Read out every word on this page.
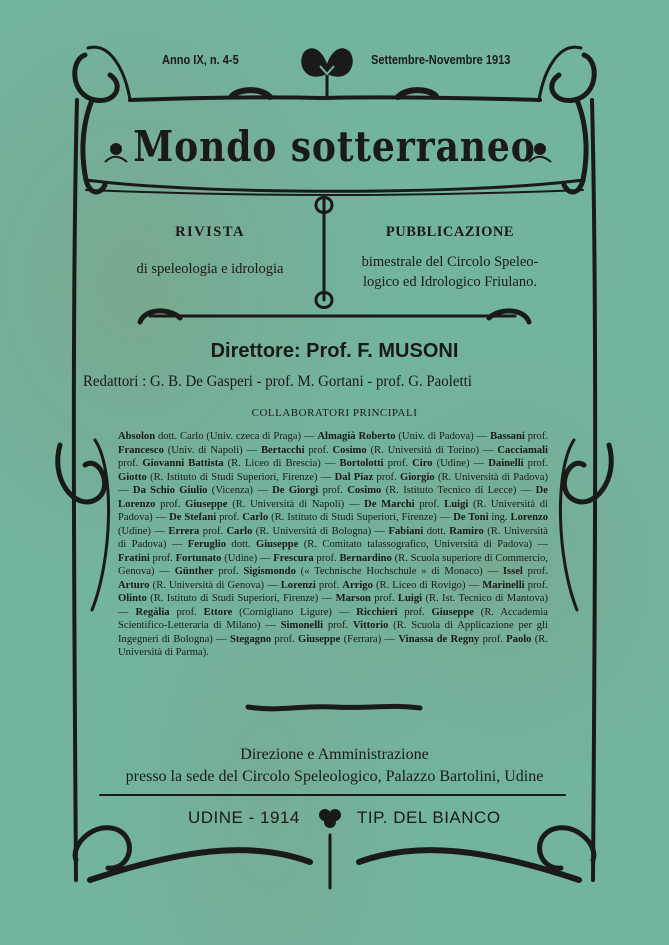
Anno IX, n. 4-5	Settembre-Novembre 1913
Mondo sotterraneo
RIVISTA
di speleologia e idrologia
PUBBLICAZIONE
bimestrale del Circolo Speleo-
logico ed Idrologico Friulano.
Direttore: Prof. F. MUSONI
Redattori : G. B. De Gasperi - prof. M. Gortani - prof. G. Paoletti
COLLABORATORI PRINCIPALI
Absolon dott. Carlo (Univ. czeca di Praga) — Almagià Roberto (Univ. di Padova) — Bassani prof. Francesco (Univ. di Napoli) — Bertacchi prof. Cosimo (R. Università di Torino) — Cacciamali prof. Giovanni Battista (R. Liceo di Brescia) — Bortolotti prof. Ciro (Udine) — Dainelli prof. Giotto (R. Istituto di Studi Superiori, Firenze) — Dal Piaz prof. Giorgio (R. Università di Padova) — Da Schio Giulio (Vicenza) — De Giorgi prof. Cosimo (R. Istituto Tecnico di Lecce) — De Lorenzo prof. Giuseppe (R. Università di Napoli) — De Marchi prof. Luigi (R. Università di Padova) — De Stefani prof. Carlo (R. Istituto di Studi Superiori, Firenze) — De Toni ing. Lorenzo (Udine) — Errera prof. Carlo (R. Università di Bologna) — Fabiani dott. Ramiro (R. Università di Padova) — Feruglio dott. Giuseppe (R. Comitato talassografico, Università di Padova) — Fratini prof. Fortunato (Udine) — Frescura prof. Bernardino (R. Scuola superiore di Commercio, Genova) — Günther prof. Sigismondo (« Technische Hochschule » di Monaco) — Issel prof. Arturo (R. Università di Genova) — Lorenzi prof. Arrigo (R. Liceo di Rovigo) — Marinelli prof. Olinto (R. Istituto di Studi Superiori, Firenze) — Marson prof. Luigi (R. Ist. Tecnico di Mantova) — Regàlia prof. Ettore (Cornigliano Ligure) — Ricchieri prof. Giuseppe (R. Accademia Scientifico-Letteraria di Milano) — Simonelli prof. Vittorio (R. Scuola di Applicazione per gli Ingegneri di Bologna) — Stegagno prof. Giuseppe (Ferrara) — Vinassa de Regny prof. Paolo (R. Università di Parma).
Direzione e Amministrazione
presso la sede del Circolo Speleologico, Palazzo Bartolini, Udine
UDINE - 1914	TIP. DEL BIANCO
